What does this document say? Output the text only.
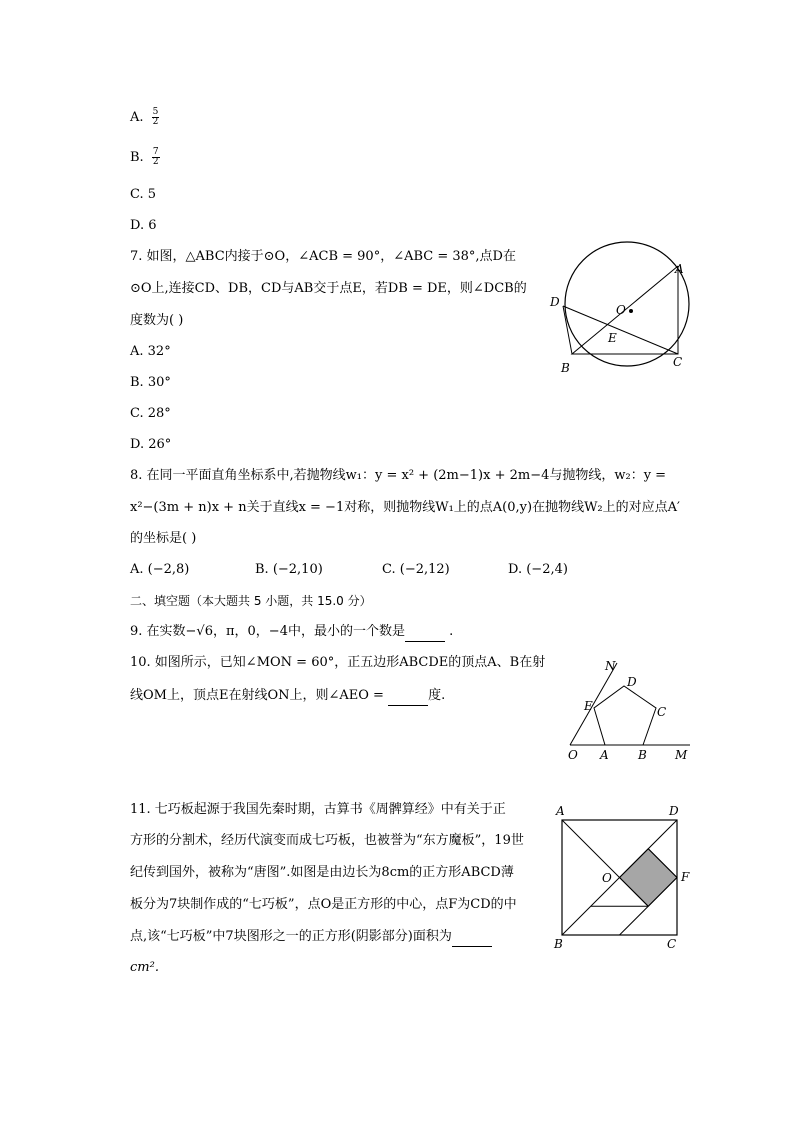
A. $\frac{5}{2}$
B. $\frac{7}{2}$
C. 5
D. 6
7. 如图，△ABC内接于⊙O，∠ACB = 90°，∠ABC = 38°,点D在
⊙O上,连接CD、DB，CD与AB交于点E，若DB = DE，则∠DCB的
度数为( )
A. 32°
B. 30°
C. 28°
D. 26°
A
B	C
D
E
O
8. 在同一平面直角坐标系中,若抛物线w₁：y = x² + (2m−1)x + 2m−4与抛物线，w₂：y =
x²−(3m + n)x + n关于直线x = −1对称，则抛物线W₁上的点A(0,y)在抛物线W₂上的对应点A′
的坐标是( )
A. (−2,8)	B. (−2,10)	C. (−2,12)	D. (−2,4)
二、填空题（本大题共 5 小题，共 15.0 分）
9. 在实数−√6，π，0，−4中，最小的一个数是	.
10. 如图所示，已知∠MON = 60°，正五边形ABCDE的顶点A、B在射
线OM上，顶点E在射线ON上，则∠AEO =	度.
N
D
E	C
O A B M
11. 七巧板起源于我国先秦时期，古算书《周髀算经》中有关于正
方形的分割术，经历代演变而成七巧板，也被誉为“东方魔板”，19世
纪传到国外，被称为“唐图”.如图是由边长为8cm的正方形ABCD薄
板分为7块制作成的“七巧板”，点O是正方形的中心，点F为CD的中
点,该“七巧板”中7块图形之一的正方形(阴影部分)面积为
cm².
A	D
B	C
O	F
